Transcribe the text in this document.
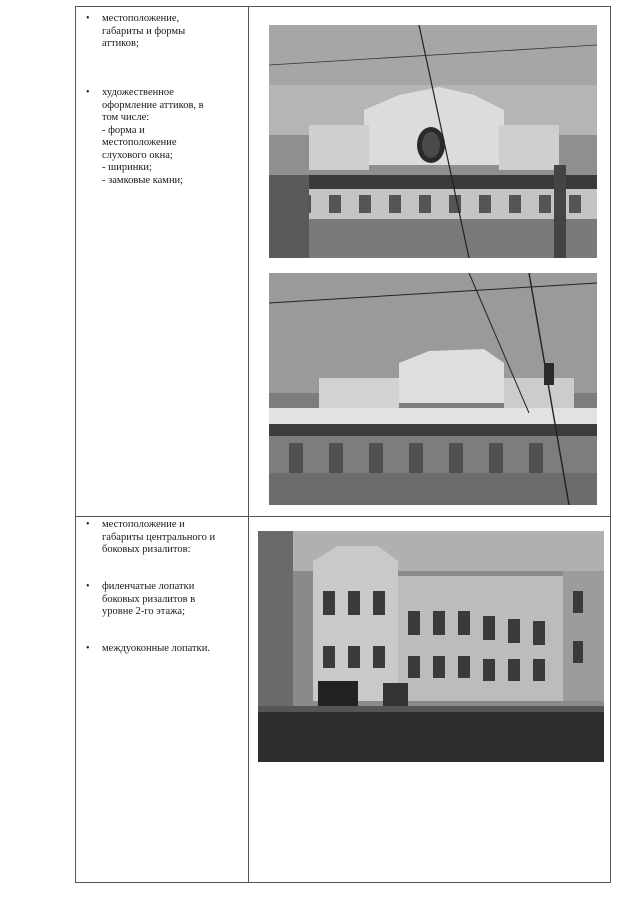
• местоположение,
габариты и формы
аттиков;
• художественное
оформление аттиков, в
том числе:
- форма и
местоположение
слухового окна;
- ширинки;
- замковые камни;
• местоположение и
габариты центрального и
боковых ризалитов:
• филенчатые лопатки
боковых ризалитов в
уровне 2-го этажа;
• междуоконные лопатки.
